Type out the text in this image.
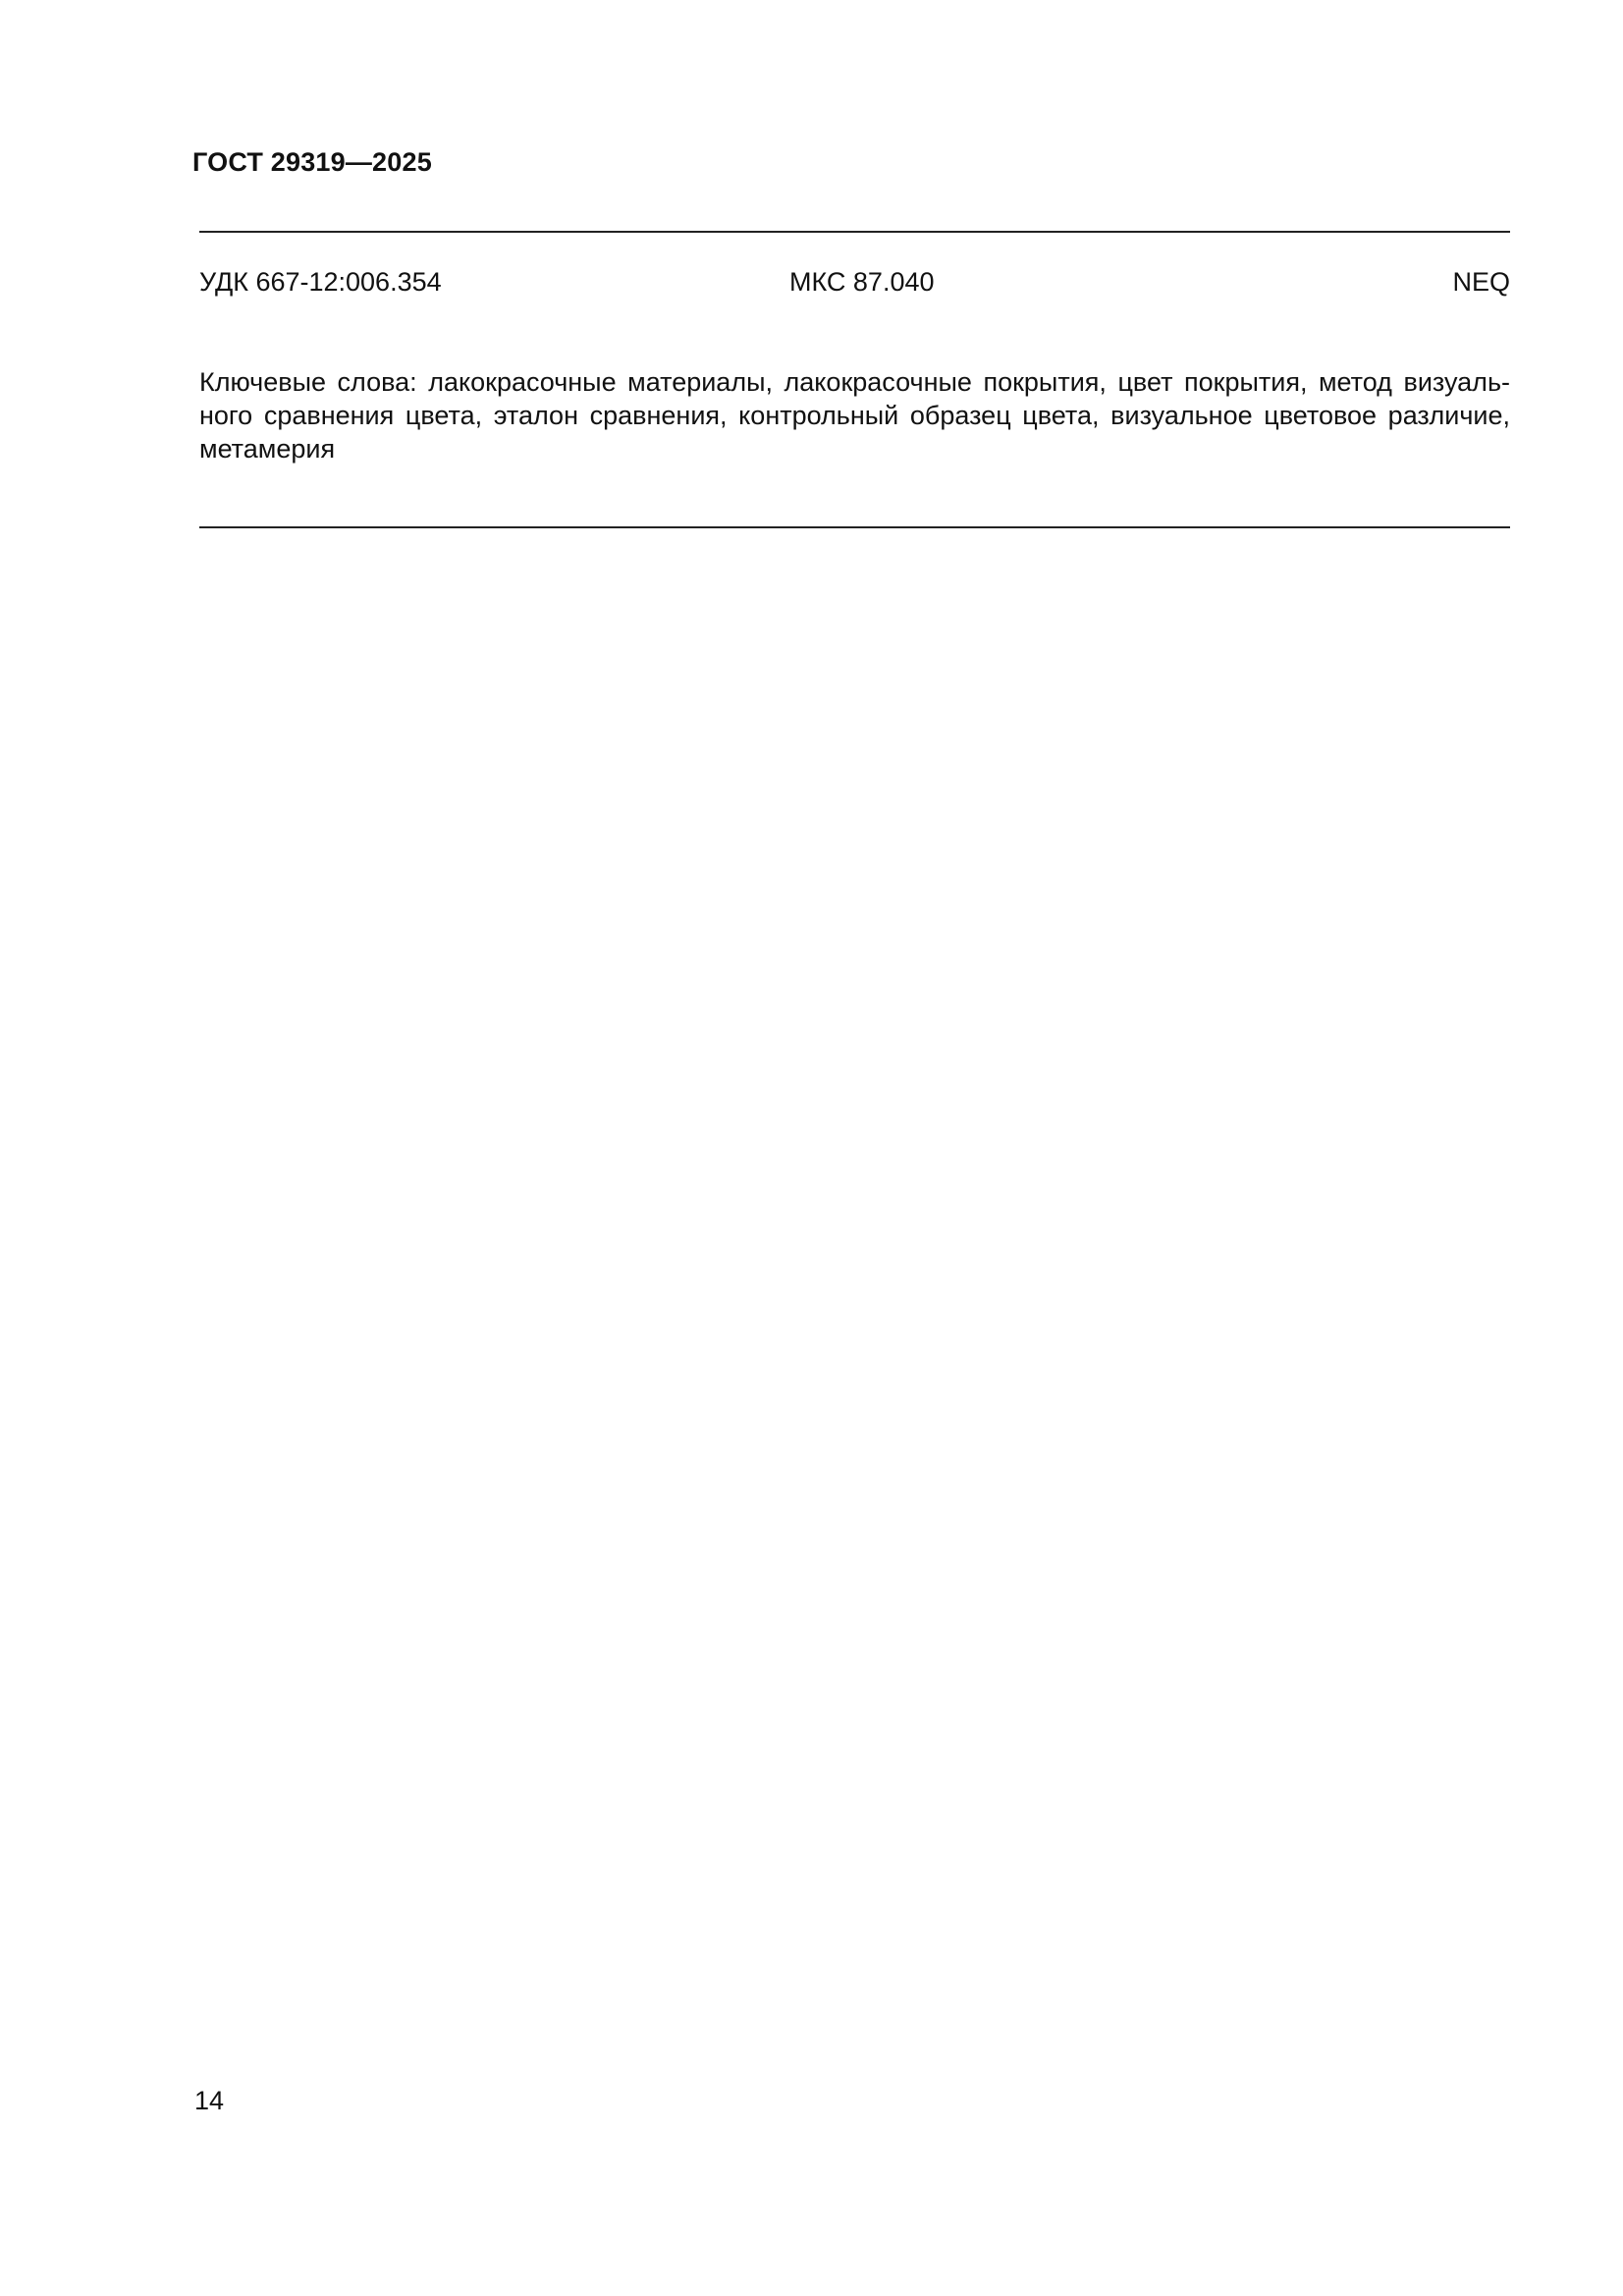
ГОСТ 29319—2025
УДК 667-12:006.354	МКС 87.040	NEQ
Ключевые слова: лакокрасочные материалы, лакокрасочные покрытия, цвет покрытия, метод визуаль-
ного сравнения цвета, эталон сравнения, контрольный образец цвета, визуальное цветовое различие,
метамерия
14
